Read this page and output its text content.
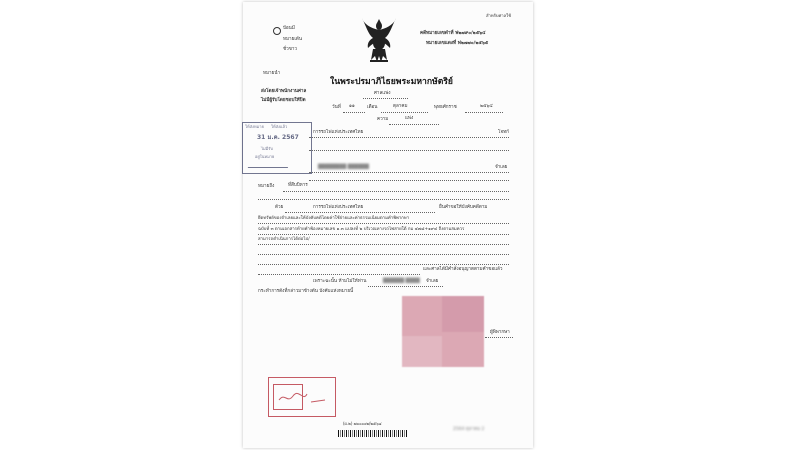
สำหรับศาลใช้
ป้อนมี
หมายเด้น
ชั่วขาว
คดีหมายเลขดำที่ ฟ๒๗๙๐/๒๕๖๔
หมายเลขแดงที่ ฟ๒๗๗๐/๒๕๖๕
หมายนำ
ในพระปรมาภิไธยพระมหากษัตริย์
ศาลแพ่ง
ส่งโดยเจ้าพนักงานศาล
ไม่มีผู้รับโดยชอบให้ปิด
วันที่ ๑๑	เดือน	ตุลาคม	พุทธศักราช	๒๕๖๔
ความ	แพ่ง
การรถไฟแห่งประเทศไทย	โจทก์
████████ ██████	จำเลย
หมายถึง	ที่สืบบิหาร
ด้วย	การรถไฟแห่งประเทศไทย	ยื่นคำขอให้บังคับคดีตาม
ยึดทรัพย์ของจำเลยและให้บังคับคดีโดยค่าใช้จ่ายและค่าธรรมเนียมตามคำพิพากษา
ฉบับที่ ๓ ตามเอกสารท้ายคำฟ้องหมายเลข ๑.๓ แปลงที่ ๒ บริเวณทางรถไฟสายใต้ กม ๔๗๘+๑๙๔ ถึงตามสมควร
สามารถดำเนินการได้ต่อไป/
และศาลได้มีคำสั่งอนุญาตตามคำขอแล้ว
เพราะฉะนั้น ห้ามไม่ให้ท่าน	██████ ████ จำเลย
กระทำการดังที่กล่าวมาข้างต้น บังคับแห่งหมายนี้
ผู้พิพากษา
ให้ส่งหมาย ให้ส่งแล้ว
31 ม.ค. 2567
ไม่มีรับ
อยู่ในหมาย
(ผ.๒) ๗๐๐๐๐๒/๒๕๖๔
2564 ตุลาคม 2
